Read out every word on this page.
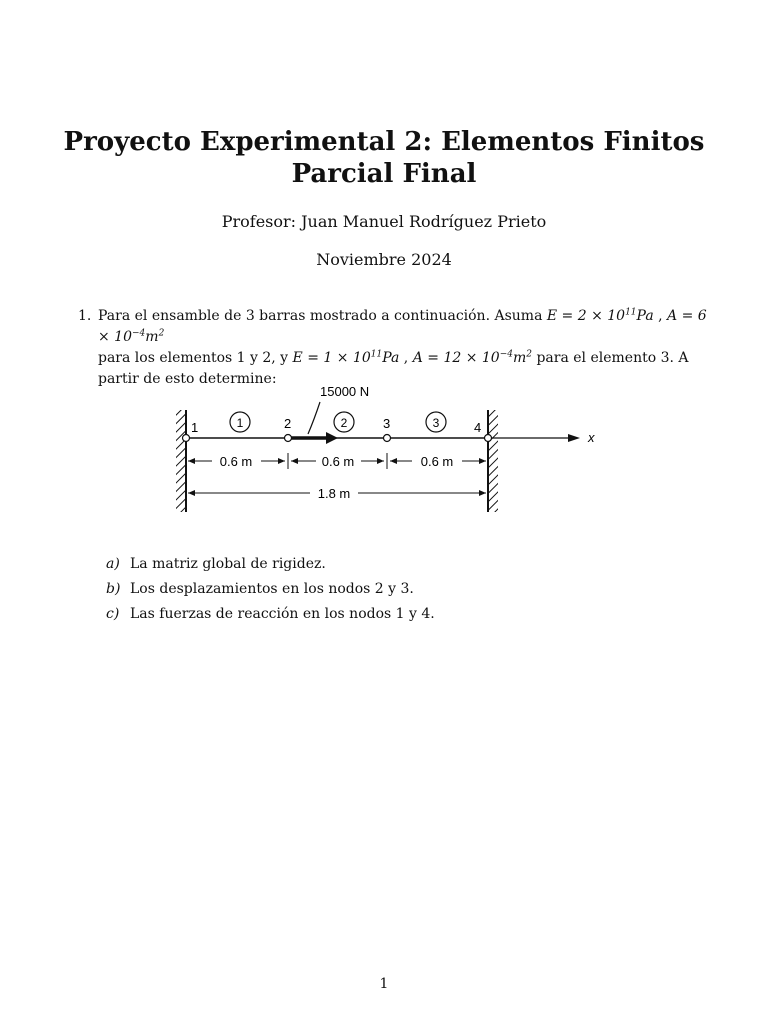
Proyecto Experimental 2: Elementos Finitos
Parcial Final
Profesor: Juan Manuel Rodríguez Prieto
Noviembre 2024
1. Para el ensamble de 3 barras mostrado a continuación. Asuma $E = 2 \times 10^{11}Pa$ , $A = 6 \times 10^{-4}m^2$
para los elementos 1 y 2, y $E = 1 \times 10^{11}Pa$ , $A = 12 \times 10^{-4}m^2$ para el elemento 3. A partir de esto determine:
x
15000 N
1	2	3	4
1	2	3
0.6 m	0.6 m	0.6 m
1.8 m
a) La matriz global de rigidez.
b) Los desplazamientos en los nodos 2 y 3.
c) Las fuerzas de reacción en los nodos 1 y 4.
1
